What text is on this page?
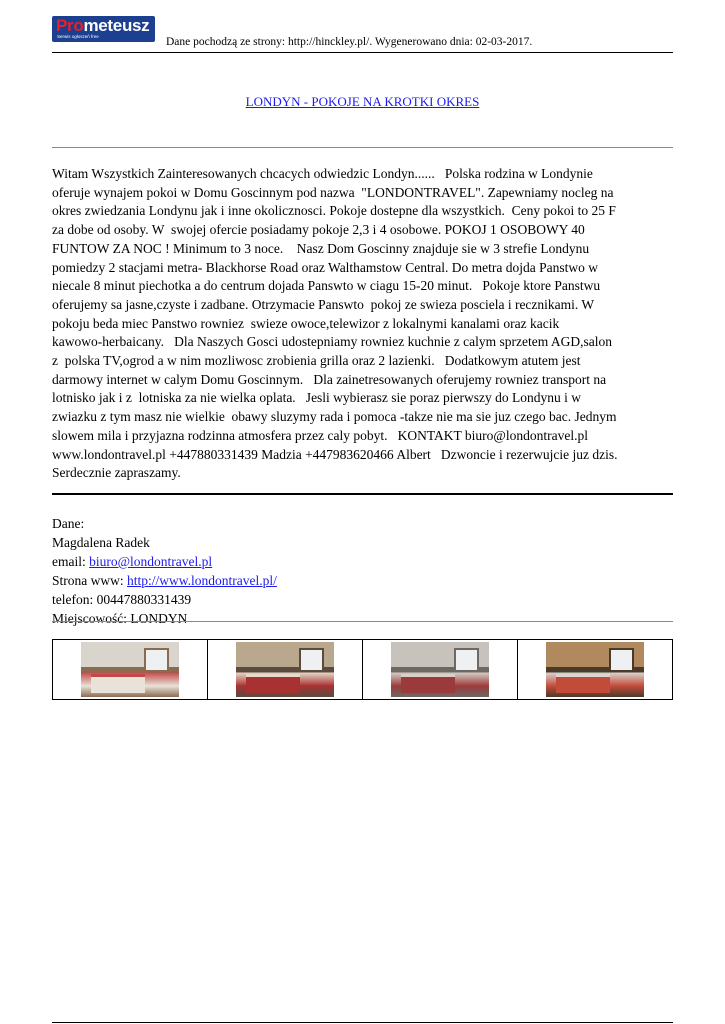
Prometeusz
Serwis ogłoszeń free	Dane pochodzą ze strony: http://hinckley.pl/. Wygenerowano dnia: 02-03-2017.
LONDYN - POKOJE NA KROTKI OKRES
Witam Wszystkich Zainteresowanych chcacych odwiedzic Londyn......   Polska rodzina w Londynie
oferuje wynajem pokoi w Domu Goscinnym pod nazwa  "LONDONTRAVEL". Zapewniamy nocleg na
okres zwiedzania Londynu jak i inne okolicznosci. Pokoje dostepne dla wszystkich.  Ceny pokoi to 25 F
za dobe od osoby. W  swojej ofercie posiadamy pokoje 2,3 i 4 osobowe. POKOJ 1 OSOBOWY 40
FUNTOW ZA NOC ! Minimum to 3 noce.    Nasz Dom Goscinny znajduje sie w 3 strefie Londynu
pomiedzy 2 stacjami metra- Blackhorse Road oraz Walthamstow Central. Do metra dojda Panstwo w
niecale 8 minut piechotka a do centrum dojada Panswto w ciagu 15-20 minut.   Pokoje ktore Panstwu
oferujemy sa jasne,czyste i zadbane. Otrzymacie Panswto  pokoj ze swieza posciela i recznikami. W
pokoju beda miec Panstwo rowniez  swieze owoce,telewizor z lokalnymi kanalami oraz kacik
kawowo-herbaicany.   Dla Naszych Gosci udostepniamy rowniez kuchnie z calym sprzetem AGD,salon
z  polska TV,ogrod a w nim mozliwosc zrobienia grilla oraz 2 lazienki.   Dodatkowym atutem jest
darmowy internet w calym Domu Goscinnym.   Dla zainetresowanych oferujemy rowniez transport na
lotnisko jak i z  lotniska za nie wielka oplata.   Jesli wybierasz sie poraz pierwszy do Londynu i w
zwiazku z tym masz nie wielkie  obawy sluzymy rada i pomoca -takze nie ma sie juz czego bac. Jednym
slowem mila i przyjazna rodzinna atmosfera przez caly pobyt.   KONTAKT biuro@londontravel.pl
www.londontravel.pl +447880331439 Madzia +447983620466 Albert   Dzwoncie i rezerwujcie juz dzis.
Serdecznie zapraszamy.
Dane:
Magdalena Radek
email: biuro@londontravel.pl
Strona www: http://www.londontravel.pl/
telefon: 00447880331439
Miejscowość: LONDYN
